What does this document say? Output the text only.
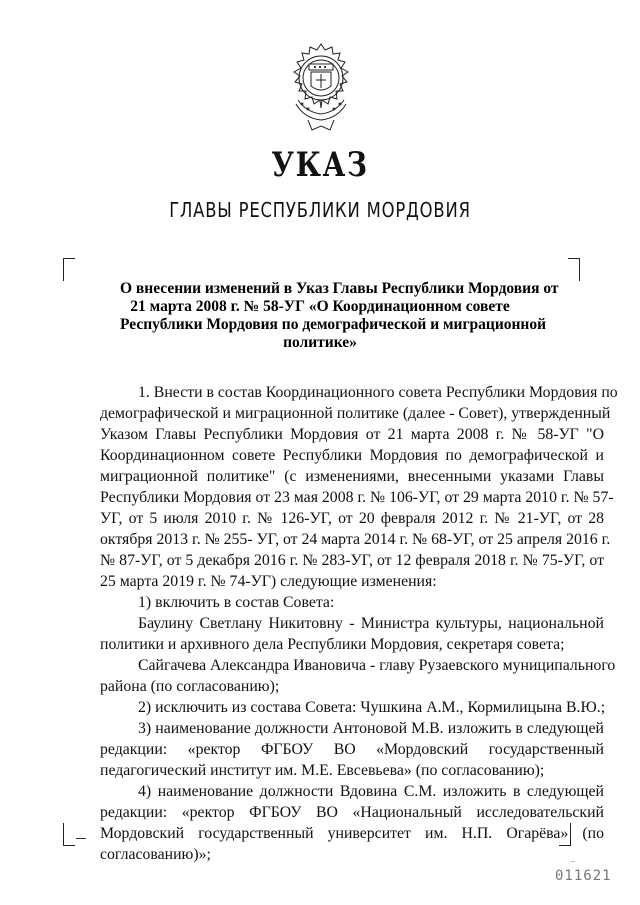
УКАЗ
ГЛАВЫ РЕСПУБЛИКИ МОРДОВИЯ
О внесении изменений в Указ Главы Республики Мордовия от
21 марта 2008 г. № 58-УГ «О Координационном совете
Республики Мордовия по демографической и миграционной
политике»
1. Внести в состав Координационного совета Республики Мордовия по
демографической и миграционной политике (далее - Совет), утвержденный
Указом Главы Республики Мордовия от 21 марта 2008 г. № 58-УГ "О
Координационном совете Республики Мордовия по демографической и
миграционной политике" (с изменениями, внесенными указами Главы
Республики Мордовия от 23 мая 2008 г. № 106-УГ, от 29 марта 2010 г. № 57-
УГ, от 5 июля 2010 г. № 126-УГ, от 20 февраля 2012 г. № 21-УГ, от 28
октября 2013 г. № 255- УГ, от 24 марта 2014 г. № 68-УГ, от 25 апреля 2016 г.
№ 87-УГ, от 5 декабря 2016 г. № 283-УГ, от 12 февраля 2018 г. № 75-УГ, от
25 марта 2019 г. № 74-УГ) следующие изменения:
1) включить в состав Совета:
Баулину Светлану Никитовну - Министра культуры, национальной
политики и архивного дела Республики Мордовия, секретаря совета;
Сайгачева Александра Ивановича - главу Рузаевского муниципального
района (по согласованию);
2) исключить из состава Совета: Чушкина А.М., Кормилицына В.Ю.;
3) наименование должности Антоновой М.В. изложить в следующей
редакции: «ректор ФГБОУ ВО «Мордовский государственный
педагогический институт им. М.Е. Евсевьева» (по согласованию);
4) наименование должности Вдовина С.М. изложить в следующей
редакции: «ректор ФГБОУ ВО «Национальный исследовательский
Мордовский государственный университет им. Н.П. Огарёва» (по
согласованию)»;	~
011621
